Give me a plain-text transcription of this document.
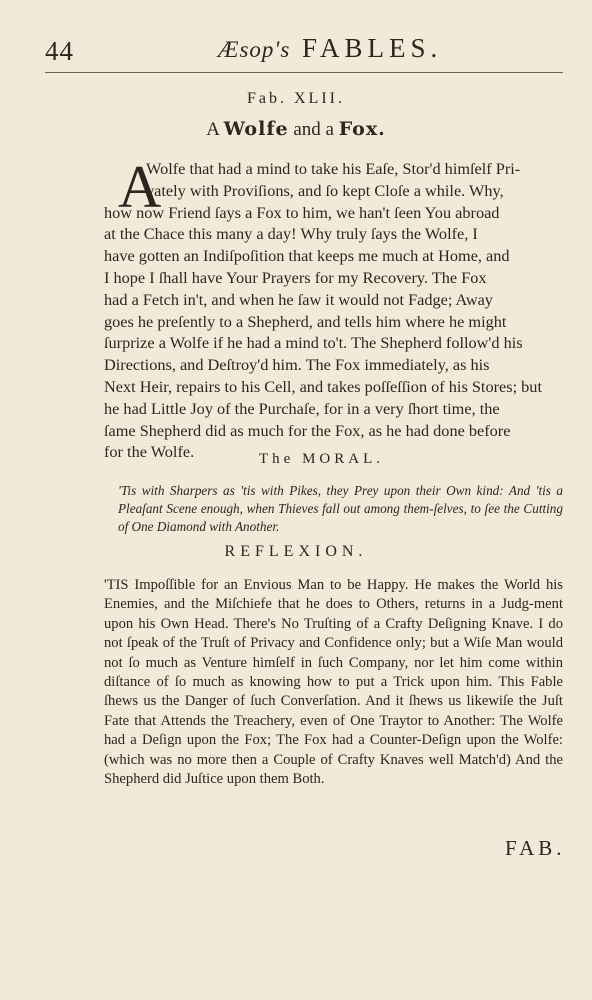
44	Æsop's FABLES.
Fab. XLII.
A Wolfe and a Fox.
A
Wolfe that had a mind to take his Eaſe, Stor'd himſelf Pri-
vately with Proviſions, and ſo kept Cloſe a while. Why,
how now Friend ſays a Fox to him, we han't ſeen You abroad
at the Chace this many a day! Why truly ſays the Wolfe, I
have gotten an Indiſpoſition that keeps me much at Home, and
I hope I ſhall have Your Prayers for my Recovery. The Fox
had a Fetch in't, and when he ſaw it would not Fadge; Away
goes he preſently to a Shepherd, and tells him where he might
ſurprize a Wolfe if he had a mind to't. The Shepherd follow'd his
Directions, and Deſtroy'd him. The Fox immediately, as his
Next Heir, repairs to his Cell, and takes poſſeſſion of his Stores; but
he had Little Joy of the Purchaſe, for in a very ſhort time, the
ſame Shepherd did as much for the Fox, as he had done before
for the Wolfe.	The MORAL.
'Tis with Sharpers as 'tis with Pikes, they Prey upon their Own kind: And 'tis a Pleaſant Scene enough, when Thieves fall out among them-ſelves, to ſee the Cutting of One Diamond with Another.
REFLEXION.
'TIS Impoſſible for an Envious Man to be Happy. He makes the World his Enemies, and the Miſchiefe that he does to Others, returns in a Judg-ment upon his Own Head. There's No Truſting of a Crafty Deſigning Knave. I do not ſpeak of the Truſt of Privacy and Confidence only; but a Wiſe Man would not ſo much as Venture himſelf in ſuch Company, nor let him come within diſtance of ſo much as knowing how to put a Trick upon him. This Fable ſhews us the Danger of ſuch Converſation. And it ſhews us likewiſe the Juſt Fate that Attends the Treachery, even of One Traytor to Another: The Wolfe had a Deſign upon the Fox; The Fox had a Counter-Deſign upon the Wolfe: (which was no more then a Couple of Crafty Knaves well Match'd) And the Shepherd did Juſtice upon them Both.
FAB.
